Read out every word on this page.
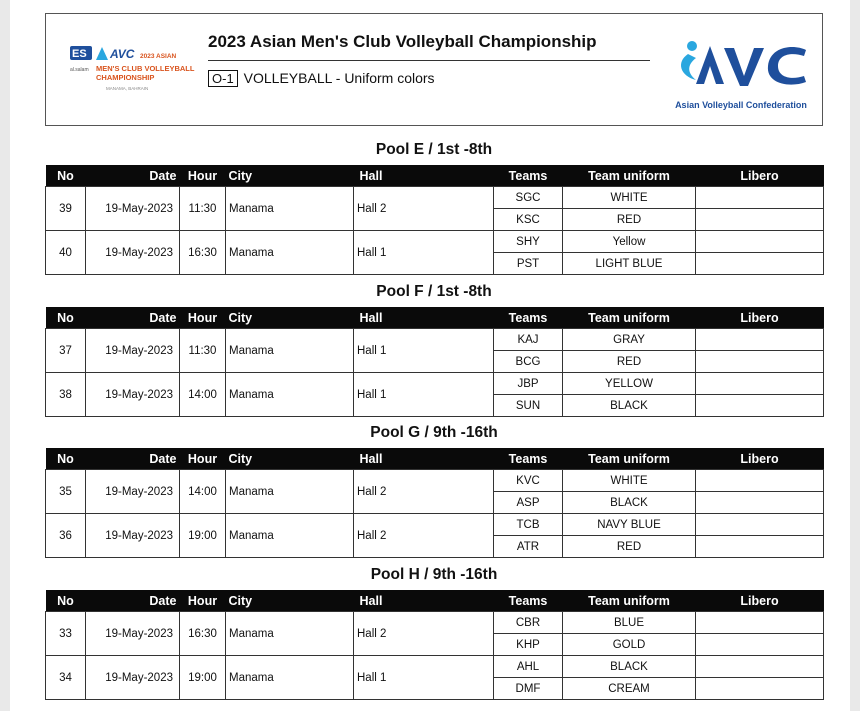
ES AVC 2023 ASIAN
al.salam MEN'S CLUB VOLLEYBALL
CHAMPIONSHIP
MANAMA, BAHRAIN
2023 Asian Men's Club Volleyball Championship
O-1 VOLLEYBALL - Uniform colors
Asian Volleyball Confederation
Pool E / 1st -8th
No	Date	Hour	City	Hall	Teams	Team uniform	Libero
39	19-May-2023	11:30	Manama	Hall 2	SGC	WHITE	
					KSC	RED	
40	19-May-2023	16:30	Manama	Hall 1	SHY	Yellow	
					PST	LIGHT BLUE	
Pool F / 1st -8th
No	Date	Hour	City	Hall	Teams	Team uniform	Libero
37	19-May-2023	11:30	Manama	Hall 1	KAJ	GRAY	
					BCG	RED	
38	19-May-2023	14:00	Manama	Hall 1	JBP	YELLOW	
					SUN	BLACK	
Pool G / 9th -16th
No	Date	Hour	City	Hall	Teams	Team uniform	Libero
35	19-May-2023	14:00	Manama	Hall 2	KVC	WHITE	
					ASP	BLACK	
36	19-May-2023	19:00	Manama	Hall 2	TCB	NAVY BLUE	
					ATR	RED	
Pool H / 9th -16th
No	Date	Hour	City	Hall	Teams	Team uniform	Libero
33	19-May-2023	16:30	Manama	Hall 2	CBR	BLUE	
					KHP	GOLD	
34	19-May-2023	19:00	Manama	Hall 1	AHL	BLACK	
					DMF	CREAM	
